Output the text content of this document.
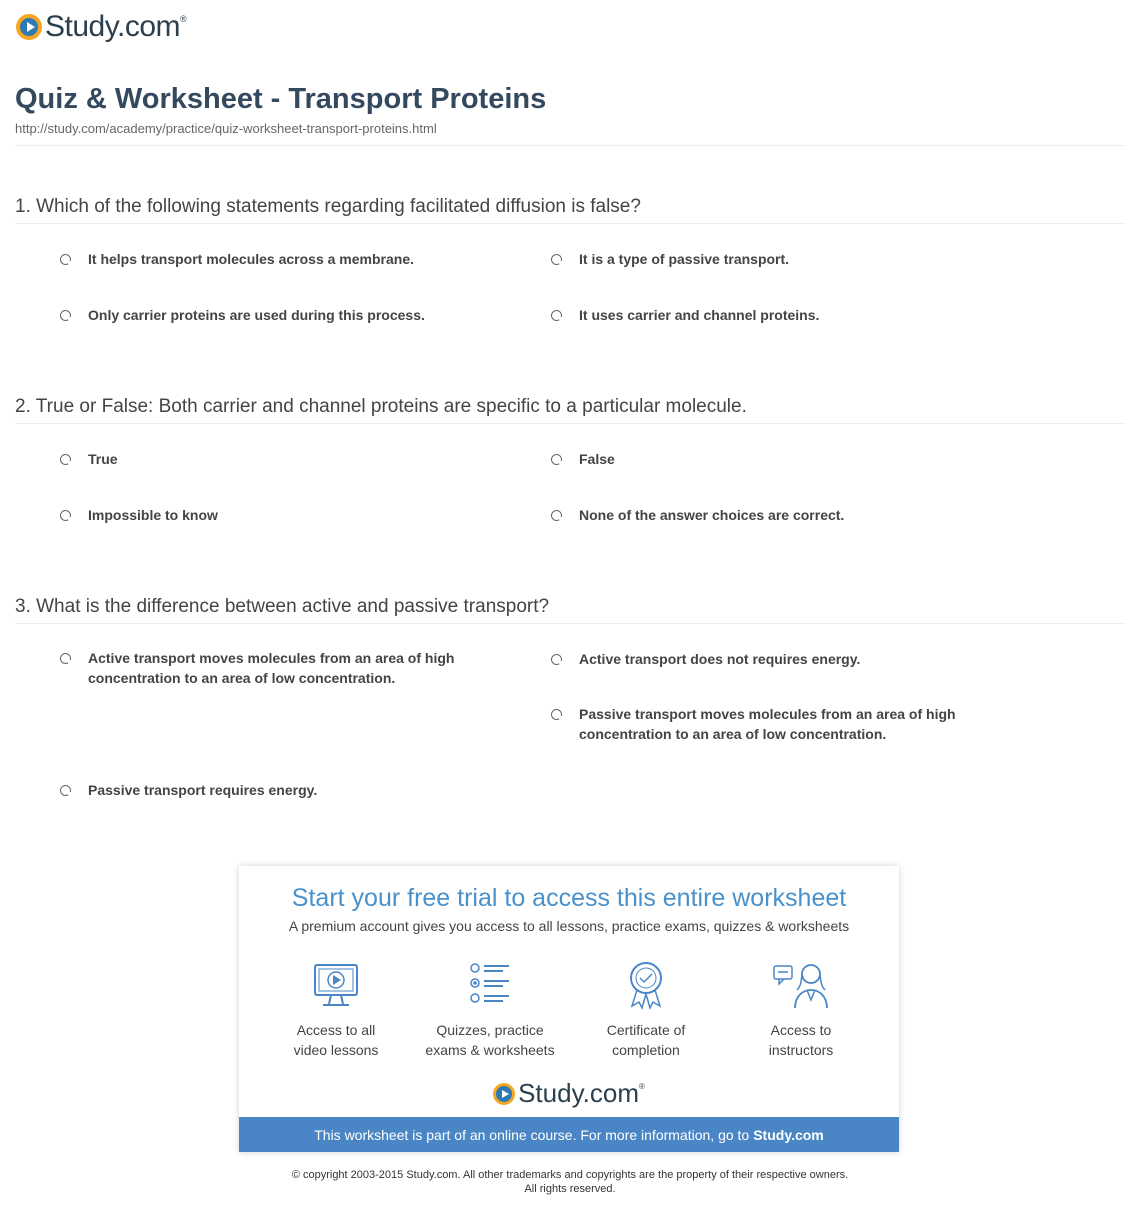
Study.com ®
Quiz & Worksheet - Transport Proteins
http://study.com/academy/practice/quiz-worksheet-transport-proteins.html
1. Which of the following statements regarding facilitated diffusion is false?
It helps transport molecules across a membrane.	It is a type of passive transport.
Only carrier proteins are used during this process.	It uses carrier and channel proteins.
2. True or False: Both carrier and channel proteins are specific to a particular molecule.
True	False
Impossible to know	None of the answer choices are correct.
3. What is the difference between active and passive transport?
Active transport moves molecules from an area of high concentration to an area of low concentration.
Active transport does not requires energy.
Passive transport moves molecules from an area of high concentration to an area of low concentration.
Passive transport requires energy.
Start your free trial to access this entire worksheet
A premium account gives you access to all lessons, practice exams, quizzes & worksheets
Access to all
video lessons
Quizzes, practice
exams & worksheets
Certificate of
completion
Access to
instructors
Study.com ®
This worksheet is part of an online course. For more information, go to Study.com
© copyright 2003-2015 Study.com. All other trademarks and copyrights are the property of their respective owners.
All rights reserved.
